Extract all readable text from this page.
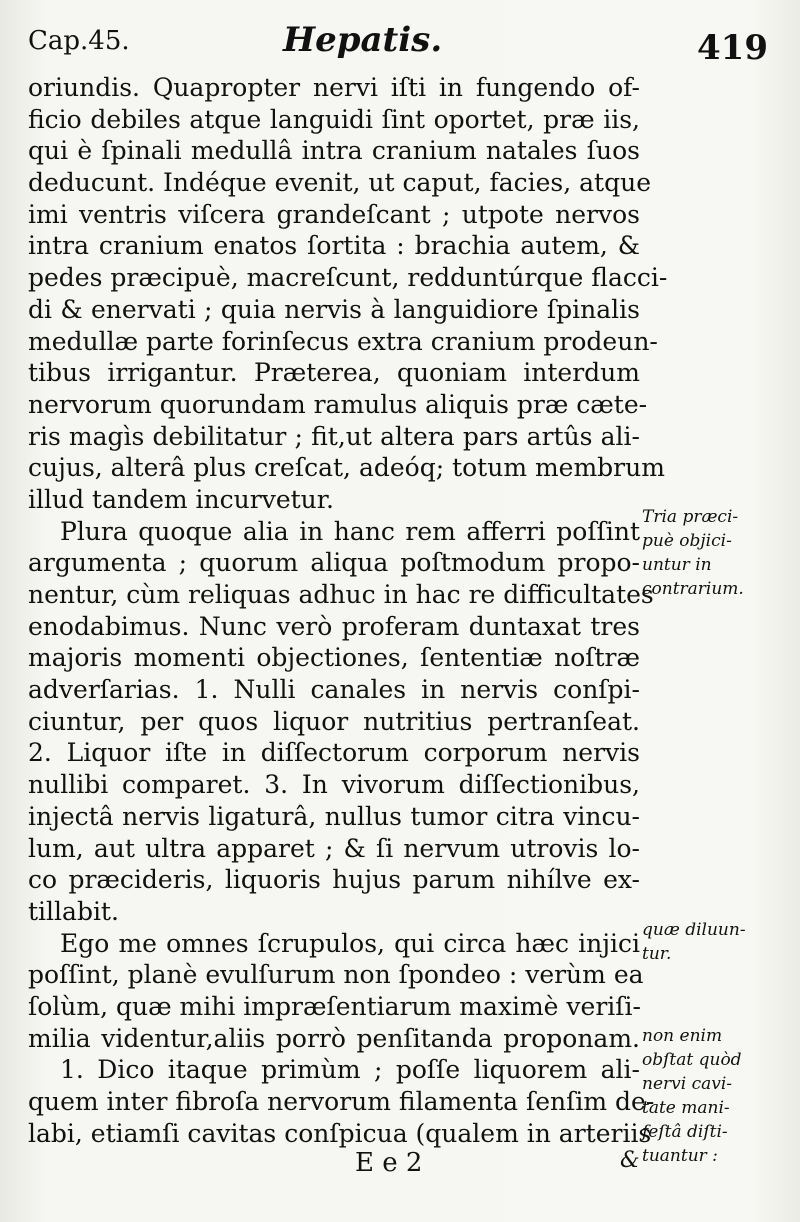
Cap.45.	Hepatis.	419
oriundis. Quapropter nervi iſti in fungendo of-
ficio debiles atque languidi ſint oportet, præ iis,
qui è ſpinali medullâ intra cranium natales ſuos
deducunt. Indéque evenit, ut caput, facies, atque
imi ventris viſcera grandeſcant ; utpote nervos
intra cranium enatos ſortita : brachia autem, &
pedes præcipuè, macreſcunt, redduntúrque flacci-
di & enervati ; quia nervis à languidiore ſpinalis
medullæ parte forinſecus extra cranium prodeun-
tibus irrigantur. Præterea, quoniam interdum
nervorum quorundam ramulus aliquis præ cæte-
ris magìs debilitatur ; fit,ut altera pars artûs ali-
cujus, alterâ plus creſcat, adeóq; totum membrum
illud tandem incurvetur.
Plura quoque alia in hanc rem afferri poſſint
argumenta ; quorum aliqua poſtmodum propo-
nentur, cùm reliquas adhuc in hac re difficultates
enodabimus. Nunc verò proferam duntaxat tres
majoris momenti objectiones, ſententiæ noſtræ
adverſarias. 1. Nulli canales in nervis conſpi-
ciuntur, per quos liquor nutritius pertranſeat.
2. Liquor iſte in diſſectorum corporum nervis
nullibi comparet. 3. In vivorum diſſectionibus,
injectâ nervis ligaturâ, nullus tumor citra vincu-
lum, aut ultra apparet ; & ſi nervum utrovis lo-
co præcideris, liquoris hujus parum nihílve ex-
tillabit.
Ego me omnes ſcrupulos, qui circa hæc injici
poſſint, planè evulſurum non ſpondeo : verùm ea
ſolùm, quæ mihi impræſentiarum maximè veriſi-
milia videntur,aliis porrò penſitanda proponam.
1. Dico itaque primùm ; poſſe liquorem ali-
quem inter fibroſa nervorum filamenta ſenſim de-
labi, etiamſi cavitas conſpicua (qualem in arteriis
Tria præci-
puè objici-
untur in
contrarium.
quæ diluun-
tur.
non enim
obſtat quòd
nervi cavi-
tate mani-
feſtâ diſti-
tuantur :
E e 2	&
